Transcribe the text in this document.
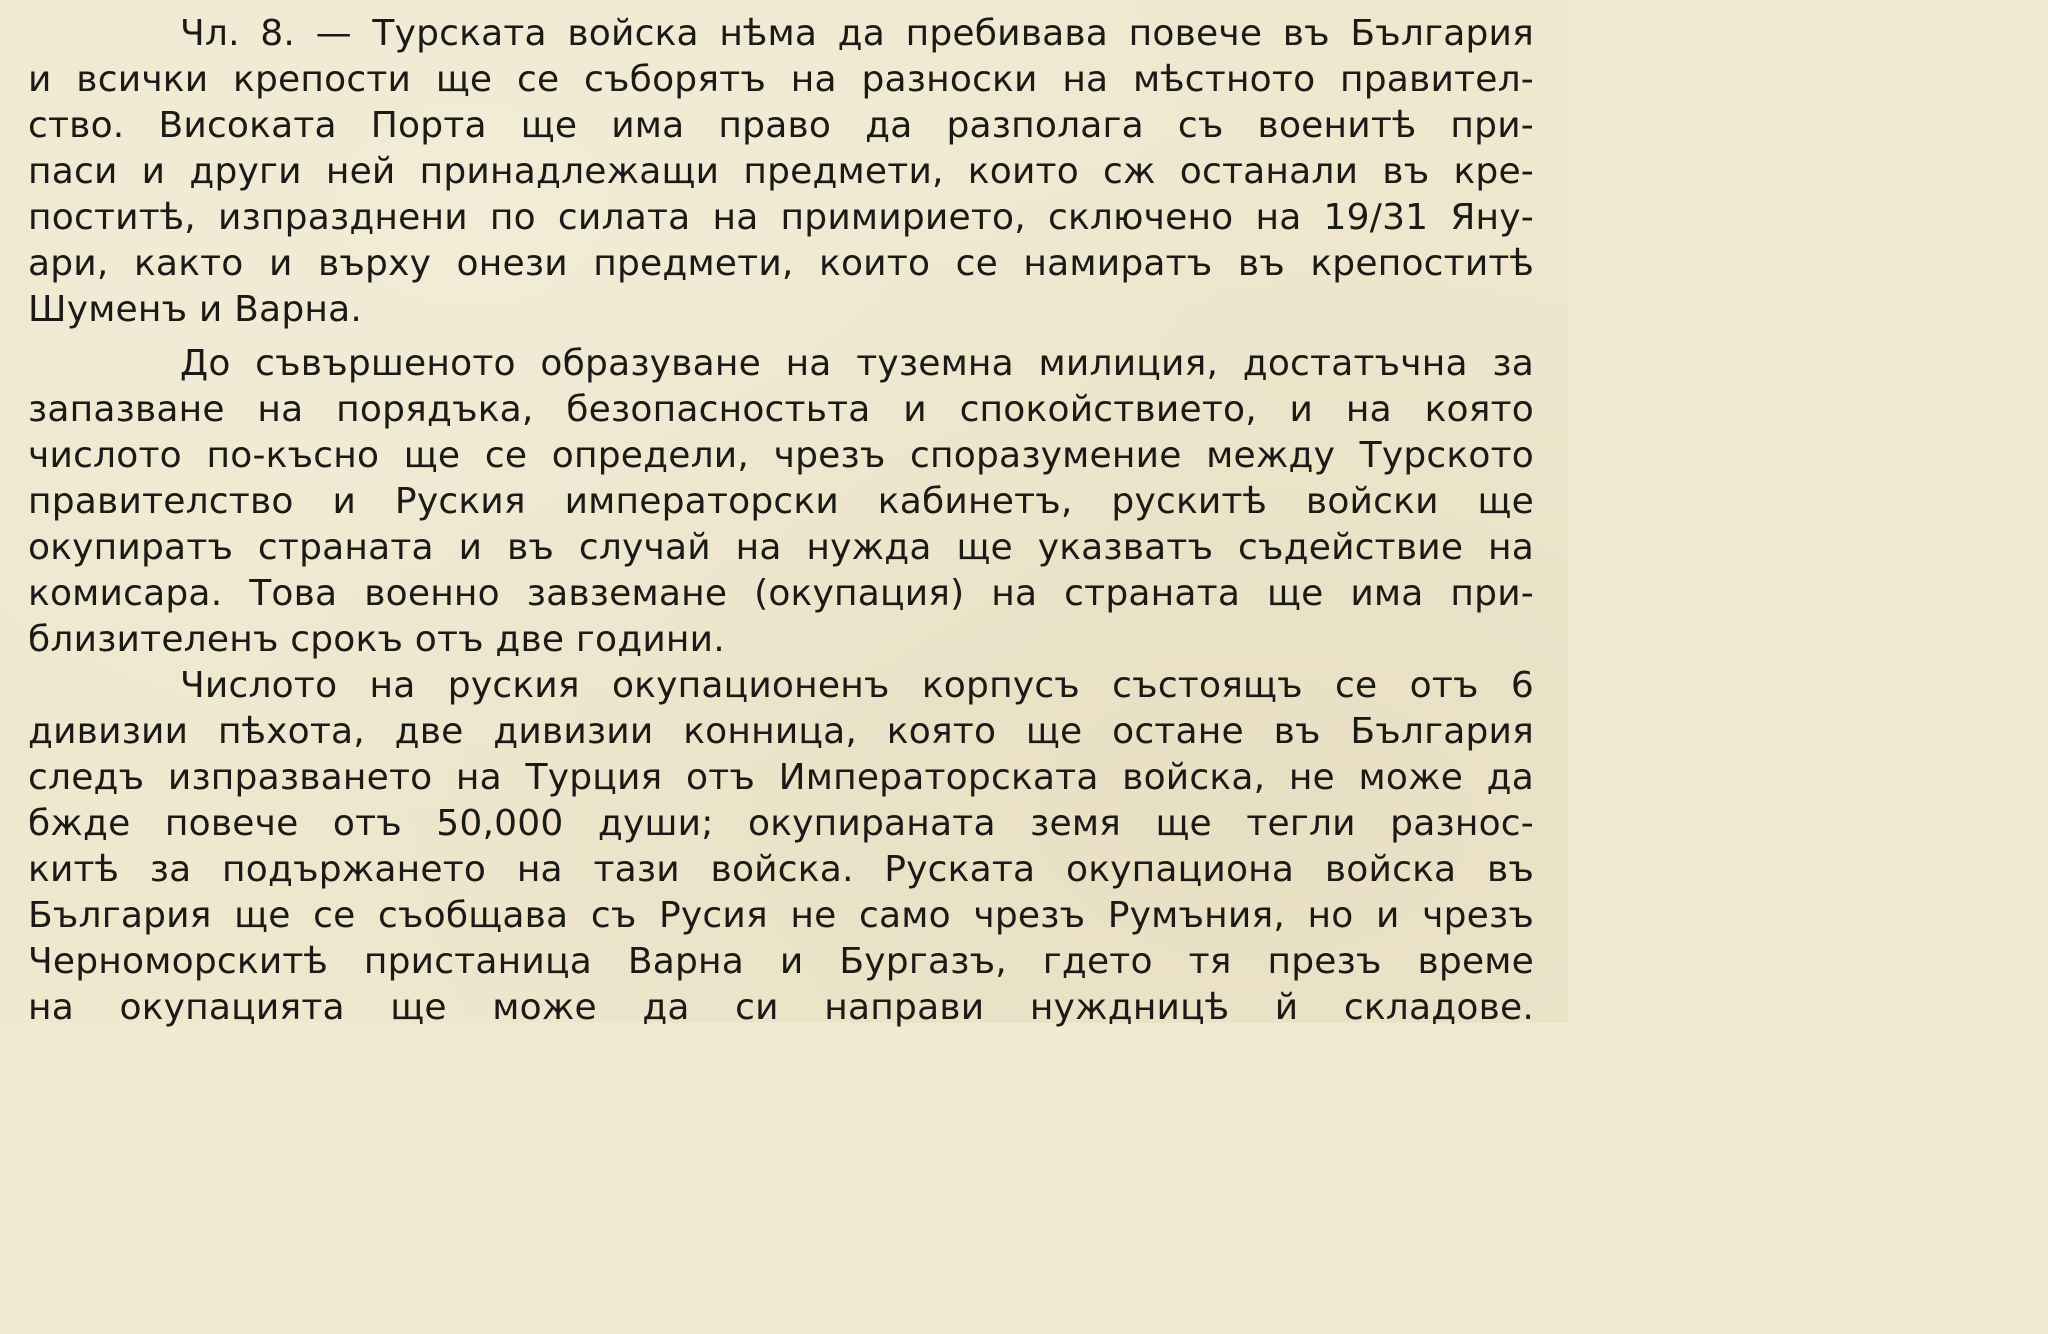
Чл. 8. — Турската войска нѣма да пребивава повече въ България
и всички крепости ще се съборятъ на разноски на мѣстното правител-
ство. Високата Порта ще има право да разполага съ военитѣ при-
паси и други ней принадлежащи предмети, които сж останали въ кре-
поститѣ, изпразднени по силата на примирието, сключено на 19/31 Яну-
ари, както и върху онези предмети, които се намиратъ въ крепоститѣ
Шуменъ и Варна.
До съвършеното образуване на туземна милиция, достатъчна за
запазване на порядъка, безопасностьта и спокойствието, и на която
числото по-късно ще се определи, чрезъ споразумение между Турското
правителство и Руския императорски кабинетъ, рускитѣ войски ще
окупиратъ страната и въ случай на нужда ще указватъ съдействие на
комисара. Това военно завземане (окупация) на страната ще има при-
близителенъ срокъ отъ две години.
Числото на руския окупационенъ корпусъ състоящъ се отъ 6
дивизии пѣхота, две дивизии конница, която ще остане въ България
следъ изпразването на Турция отъ Императорската войска, не може да
бжде повече отъ 50,000 души; окупираната земя ще тегли разнос-
китѣ за подържането на тази войска. Руската окупациона войска въ
България ще се съобщава съ Русия не само чрезъ Румъния, но и чрезъ
Черноморскитѣ пристаница Варна и Бургазъ, гдето тя презъ време
на окупацията ще може да си направи нуждницѣ й складове.
